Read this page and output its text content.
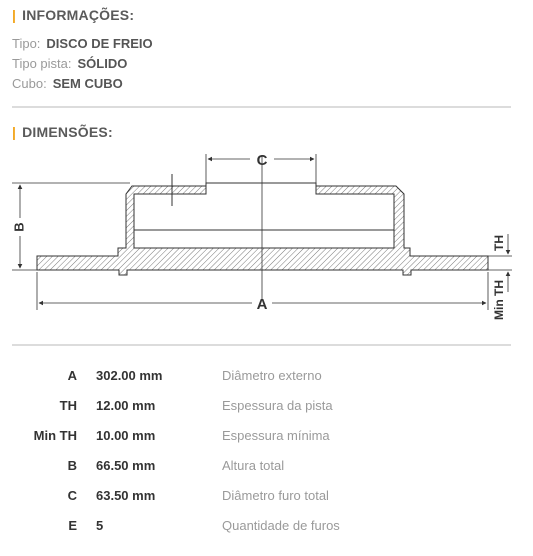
| INFORMAÇÕES:
Tipo: DISCO DE FREIO
Tipo pista: SÓLIDO
Cubo: SEM CUBO
| DIMENSÕES:
C
B
A
TH
Min TH
A 302.00 mm	Diâmetro externo
TH 12.00 mm	Espessura da pista
Min TH 10.00 mm	Espessura mínima
B 66.50 mm	Altura total
C 63.50 mm	Diâmetro furo total
E 5	Quantidade de furos
